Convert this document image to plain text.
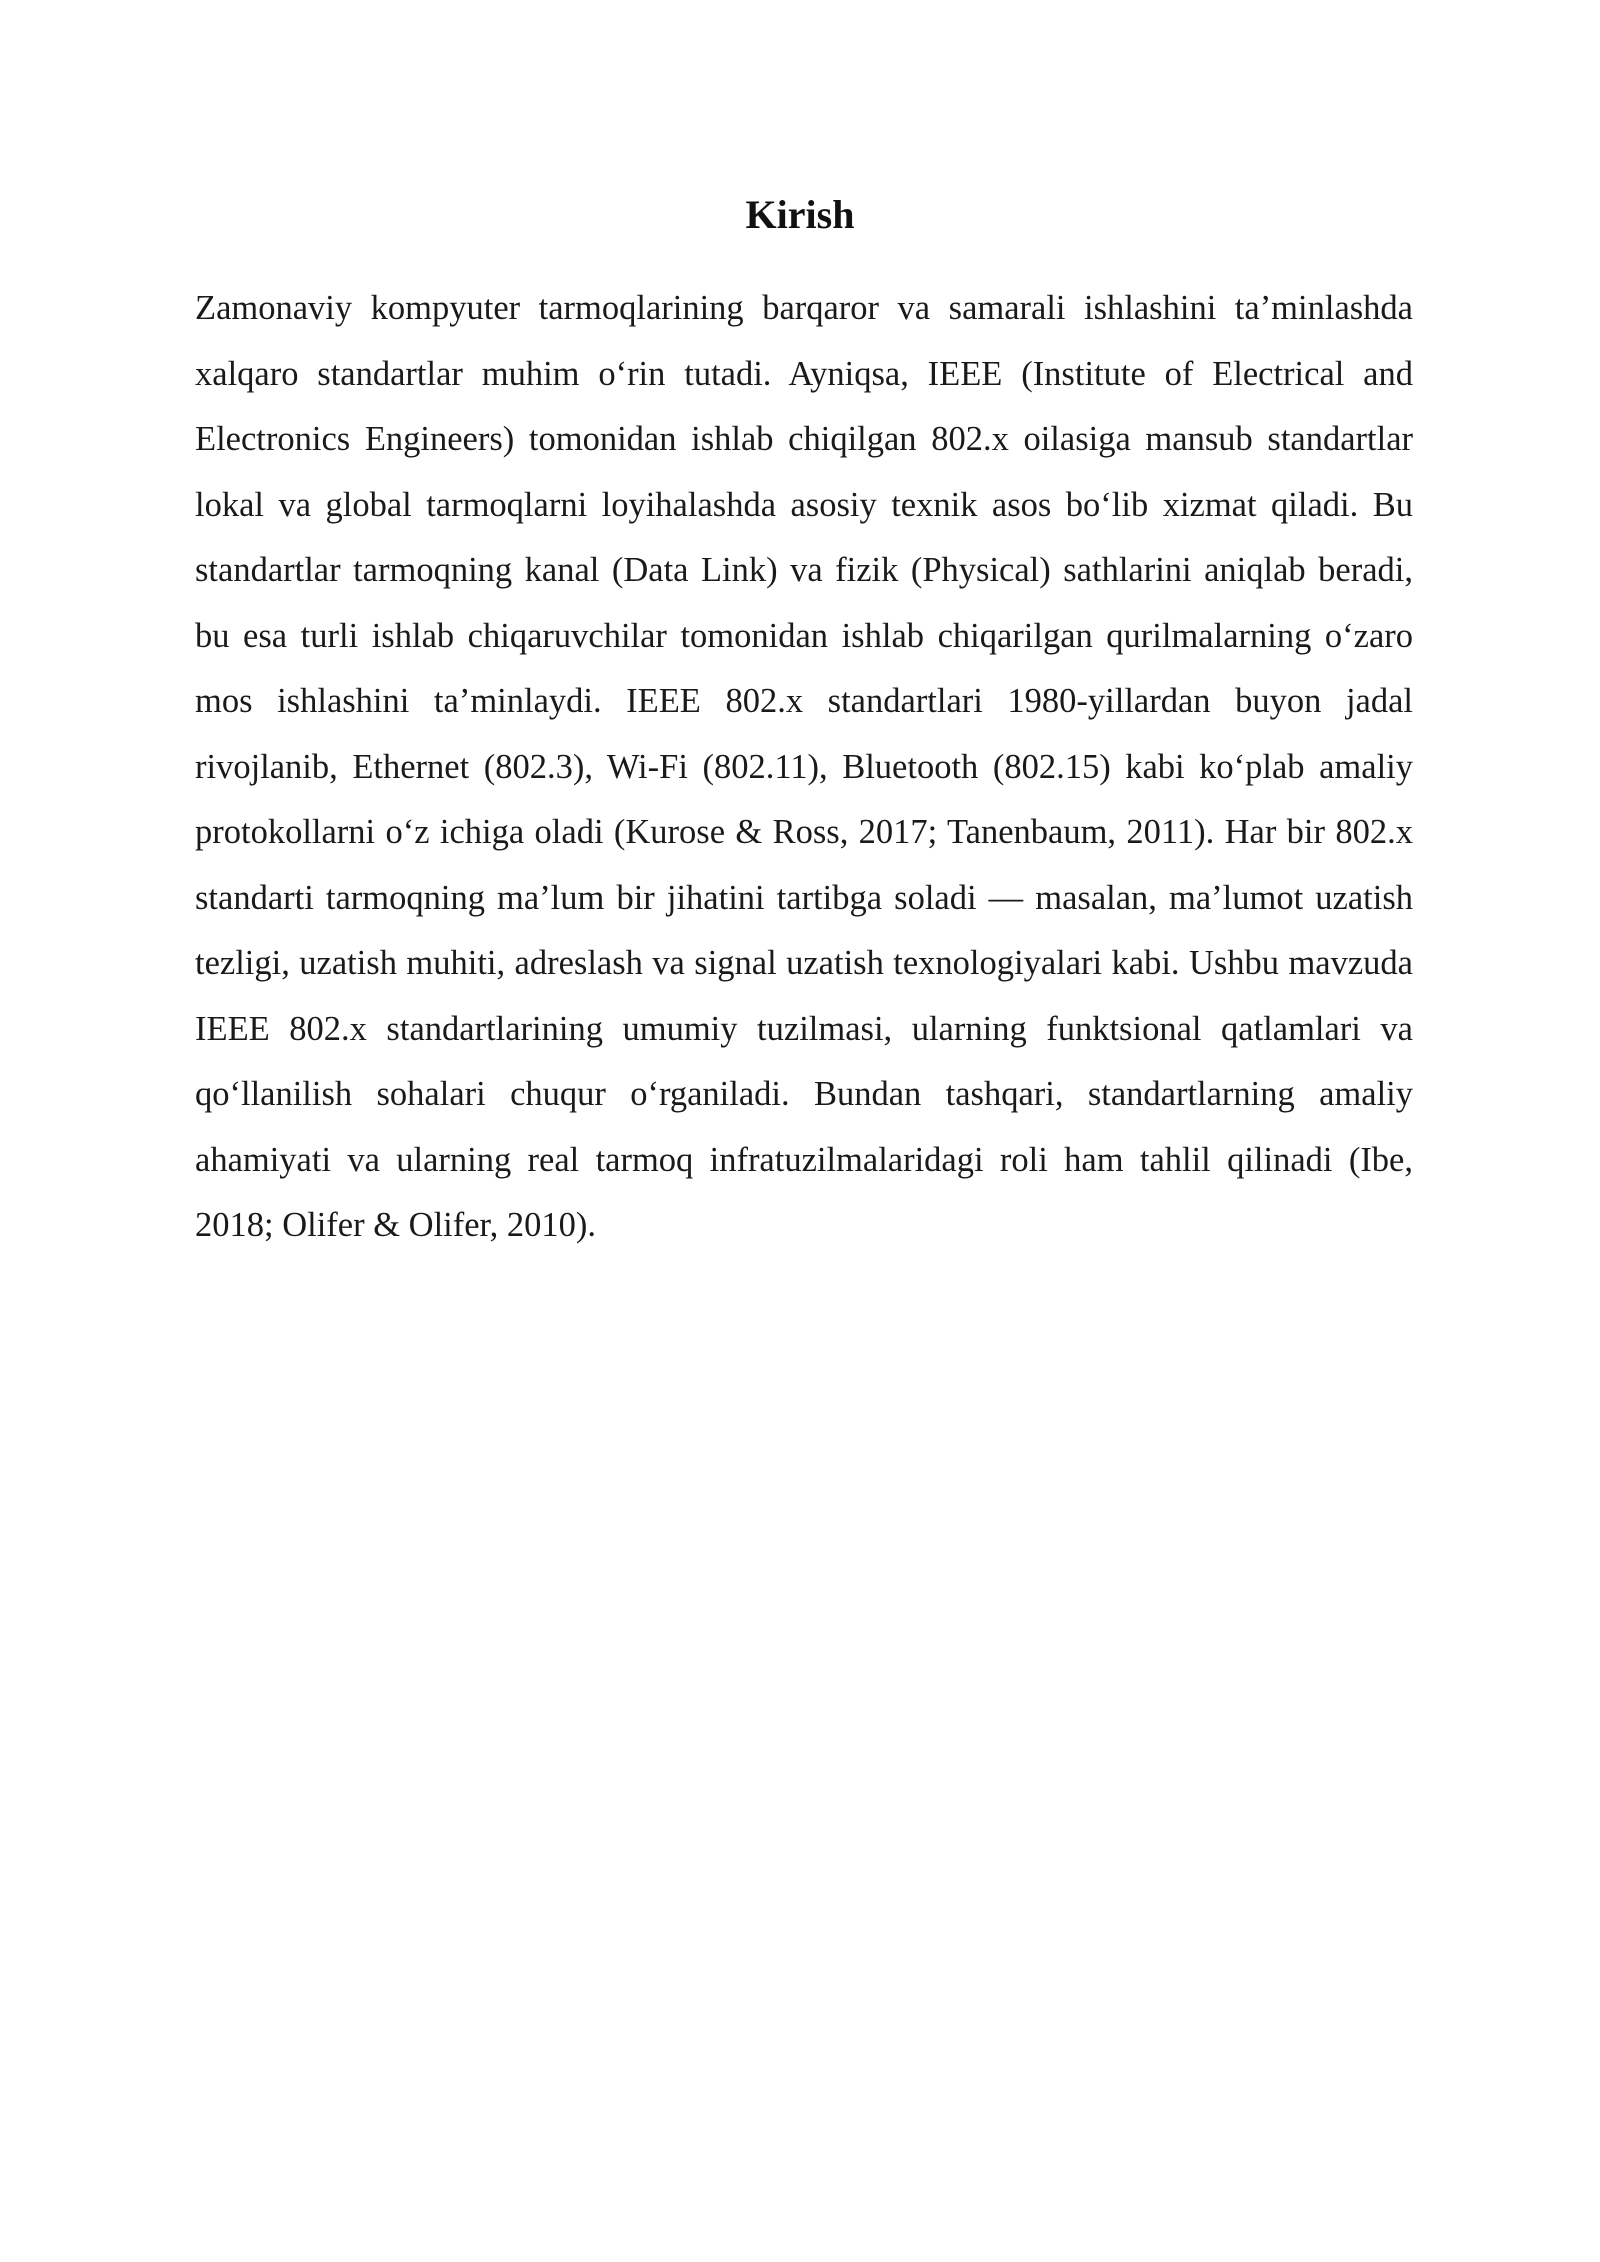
Kirish

Zamonaviy kompyuter tarmoqlarining barqaror va samarali ishlashini ta’minlashda xalqaro standartlar muhim o‘rin tutadi. Ayniqsa, IEEE (Institute of Electrical and Electronics Engineers) tomonidan ishlab chiqilgan 802.x oilasiga mansub standartlar lokal va global tarmoqlarni loyihalashda asosiy texnik asos bo‘lib xizmat qiladi. Bu standartlar tarmoqning kanal (Data Link) va fizik (Physical) sathlarini aniqlab beradi, bu esa turli ishlab chiqaruvchilar tomonidan ishlab chiqarilgan qurilmalarning o‘zaro mos ishlashini ta’minlaydi. IEEE 802.x standartlari 1980-yillardan buyon jadal rivojlanib, Ethernet (802.3), Wi-Fi (802.11), Bluetooth (802.15) kabi ko‘plab amaliy protokollarni o‘z ichiga oladi (Kurose & Ross, 2017; Tanenbaum, 2011). Har bir 802.x standarti tarmoqning ma’lum bir jihatini tartibga soladi — masalan, ma’lumot uzatish tezligi, uzatish muhiti, adreslash va signal uzatish texnologiyalari kabi. Ushbu mavzuda IEEE 802.x standartlarining umumiy tuzilmasi, ularning funktsional qatlamlari va qo‘llanilish sohalari chuqur o‘rganiladi. Bundan tashqari, standartlarning amaliy ahamiyati va ularning real tarmoq infratuzilmalaridagi roli ham tahlil qilinadi (Ibe, 2018; Olifer & Olifer, 2010).
